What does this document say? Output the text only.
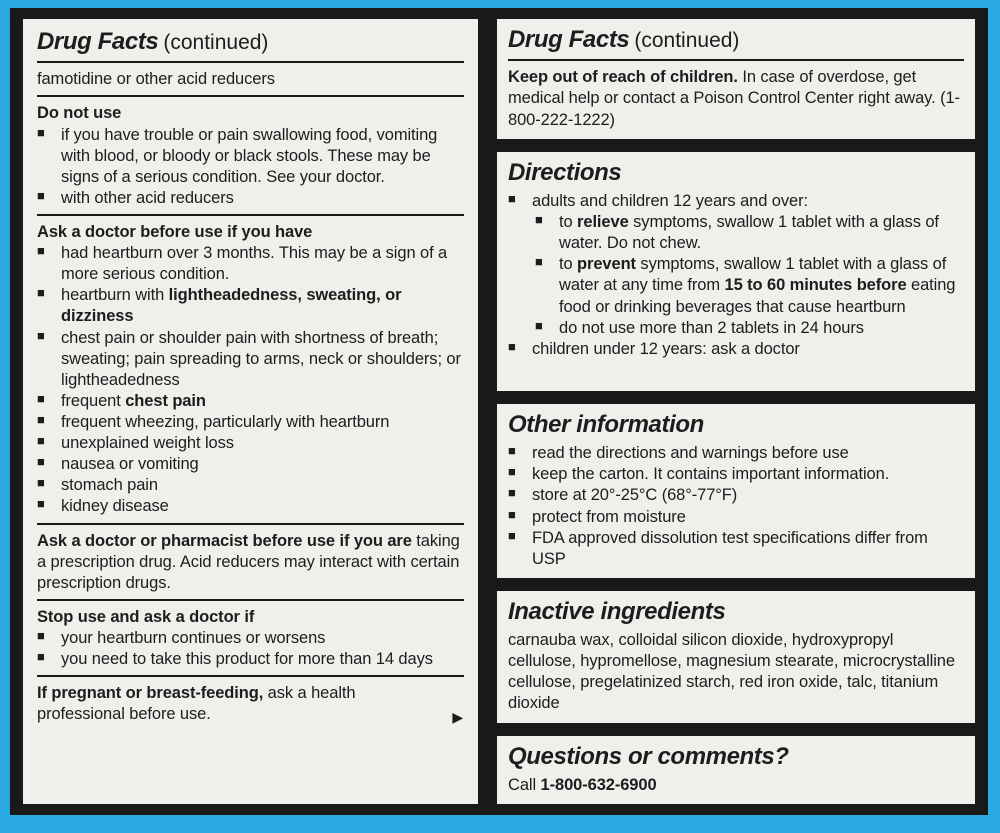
Drug Facts (continued)
famotidine or other acid reducers
Do not use
■ if you have trouble or pain swallowing food, vomiting with blood, or bloody or black stools. These may be signs of a serious condition. See your doctor.
■ with other acid reducers
Ask a doctor before use if you have
■ had heartburn over 3 months. This may be a sign of a more serious condition.
■ heartburn with lightheadedness, sweating, or dizziness
■ chest pain or shoulder pain with shortness of breath; sweating; pain spreading to arms, neck or shoulders; or lightheadedness
■ frequent chest pain
■ frequent wheezing, particularly with heartburn
■ unexplained weight loss
■ nausea or vomiting
■ stomach pain
■ kidney disease
Ask a doctor or pharmacist before use if you are taking a prescription drug. Acid reducers may interact with certain prescription drugs.
Stop use and ask a doctor if
■ your heartburn continues or worsens
■ you need to take this product for more than 14 days
If pregnant or breast-feeding, ask a health professional before use.	▶
Drug Facts (continued)
Keep out of reach of children. In case of overdose, get medical help or contact a Poison Control Center right away. (1-800-222-1222)
Directions
■ adults and children 12 years and over:
■ to relieve symptoms, swallow 1 tablet with a glass of water. Do not chew.
■ to prevent symptoms, swallow 1 tablet with a glass of water at any time from 15 to 60 minutes before eating food or drinking beverages that cause heartburn
■ do not use more than 2 tablets in 24 hours
■ children under 12 years: ask a doctor
Other information
■ read the directions and warnings before use
■ keep the carton. It contains important information.
■ store at 20°-25°C (68°-77°F)
■ protect from moisture
■ FDA approved dissolution test specifications differ from USP
Inactive ingredients
carnauba wax, colloidal silicon dioxide, hydroxypropyl cellulose, hypromellose, magnesium stearate, microcrystalline cellulose, pregelatinized starch, red iron oxide, talc, titanium dioxide
Questions or comments?
Call 1-800-632-6900
